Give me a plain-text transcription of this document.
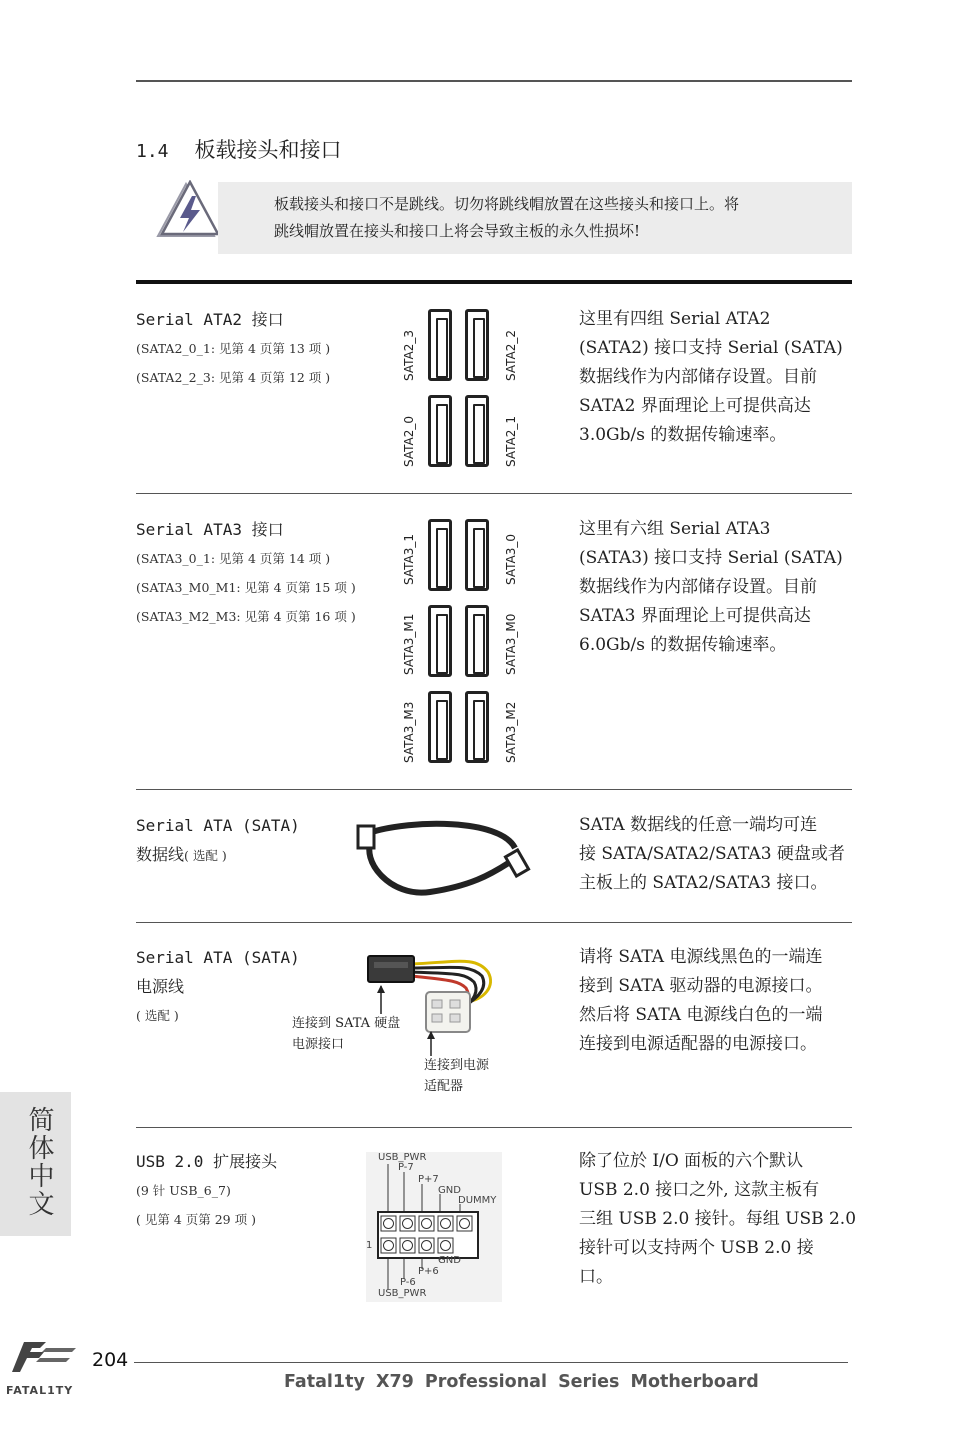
1.4 板载接头和接口
板载接头和接口不是跳线。切勿将跳线帽放置在这些接头和接口上。将
跳线帽放置在接头和接口上将会导致主板的永久性损坏!
Serial ATA2 接口
(SATA2_0_1: 见第 4 页第 13 项 )
(SATA2_2_3: 见第 4 页第 12 项 )	SATA2_3	SATA2_2
SATA2_0	SATA2_1
这里有四组 Serial ATA2
(SATA2) 接口支持 Serial (SATA)
数据线作为内部储存设置。目前
SATA2 界面理论上可提供高达
3.0Gb/s 的数据传输速率。
Serial ATA3 接口
(SATA3_0_1: 见第 4 页第 14 项 )
(SATA3_M0_M1: 见第 4 页第 15 项 )
(SATA3_M2_M3: 见第 4 页第 16 项 )
SATA3_1	SATA3_0
SATA3_M1	SATA3_M0
SATA3_M3	SATA3_M2
这里有六组 Serial ATA3
(SATA3) 接口支持 Serial (SATA)
数据线作为内部储存设置。目前
SATA3 界面理论上可提供高达
6.0Gb/s 的数据传输速率。
Serial ATA (SATA)
数据线( 选配 )
SATA 数据线的任意一端均可连
接 SATA/SATA2/SATA3 硬盘或者
主板上的 SATA2/SATA3 接口。
Serial ATA (SATA)
电源线
( 选配 )
连接到 SATA 硬盘
电源接口
连接到电源
适配器
请将 SATA 电源线黑色的一端连
接到 SATA 驱动器的电源接口。
然后将 SATA 电源线白色的一端
连接到电源适配器的电源接口。
USB 2.0 扩展接头
(9 针 USB_6_7)
( 见第 4 页第 29 项 )
USB_PWR
P-7
P+7
GND
DUMMY
1
GND
P+6
P-6
USB_PWR
除了位於 I/O 面板的六个默认
USB 2.0 接口之外, 这款主板有
三组 USB 2.0 接针。每组 USB 2.0
接针可以支持两个 USB 2.0 接
口。
简体中文
FATAL1TY
204
Fatal1ty X79 Professional Series Motherboard
